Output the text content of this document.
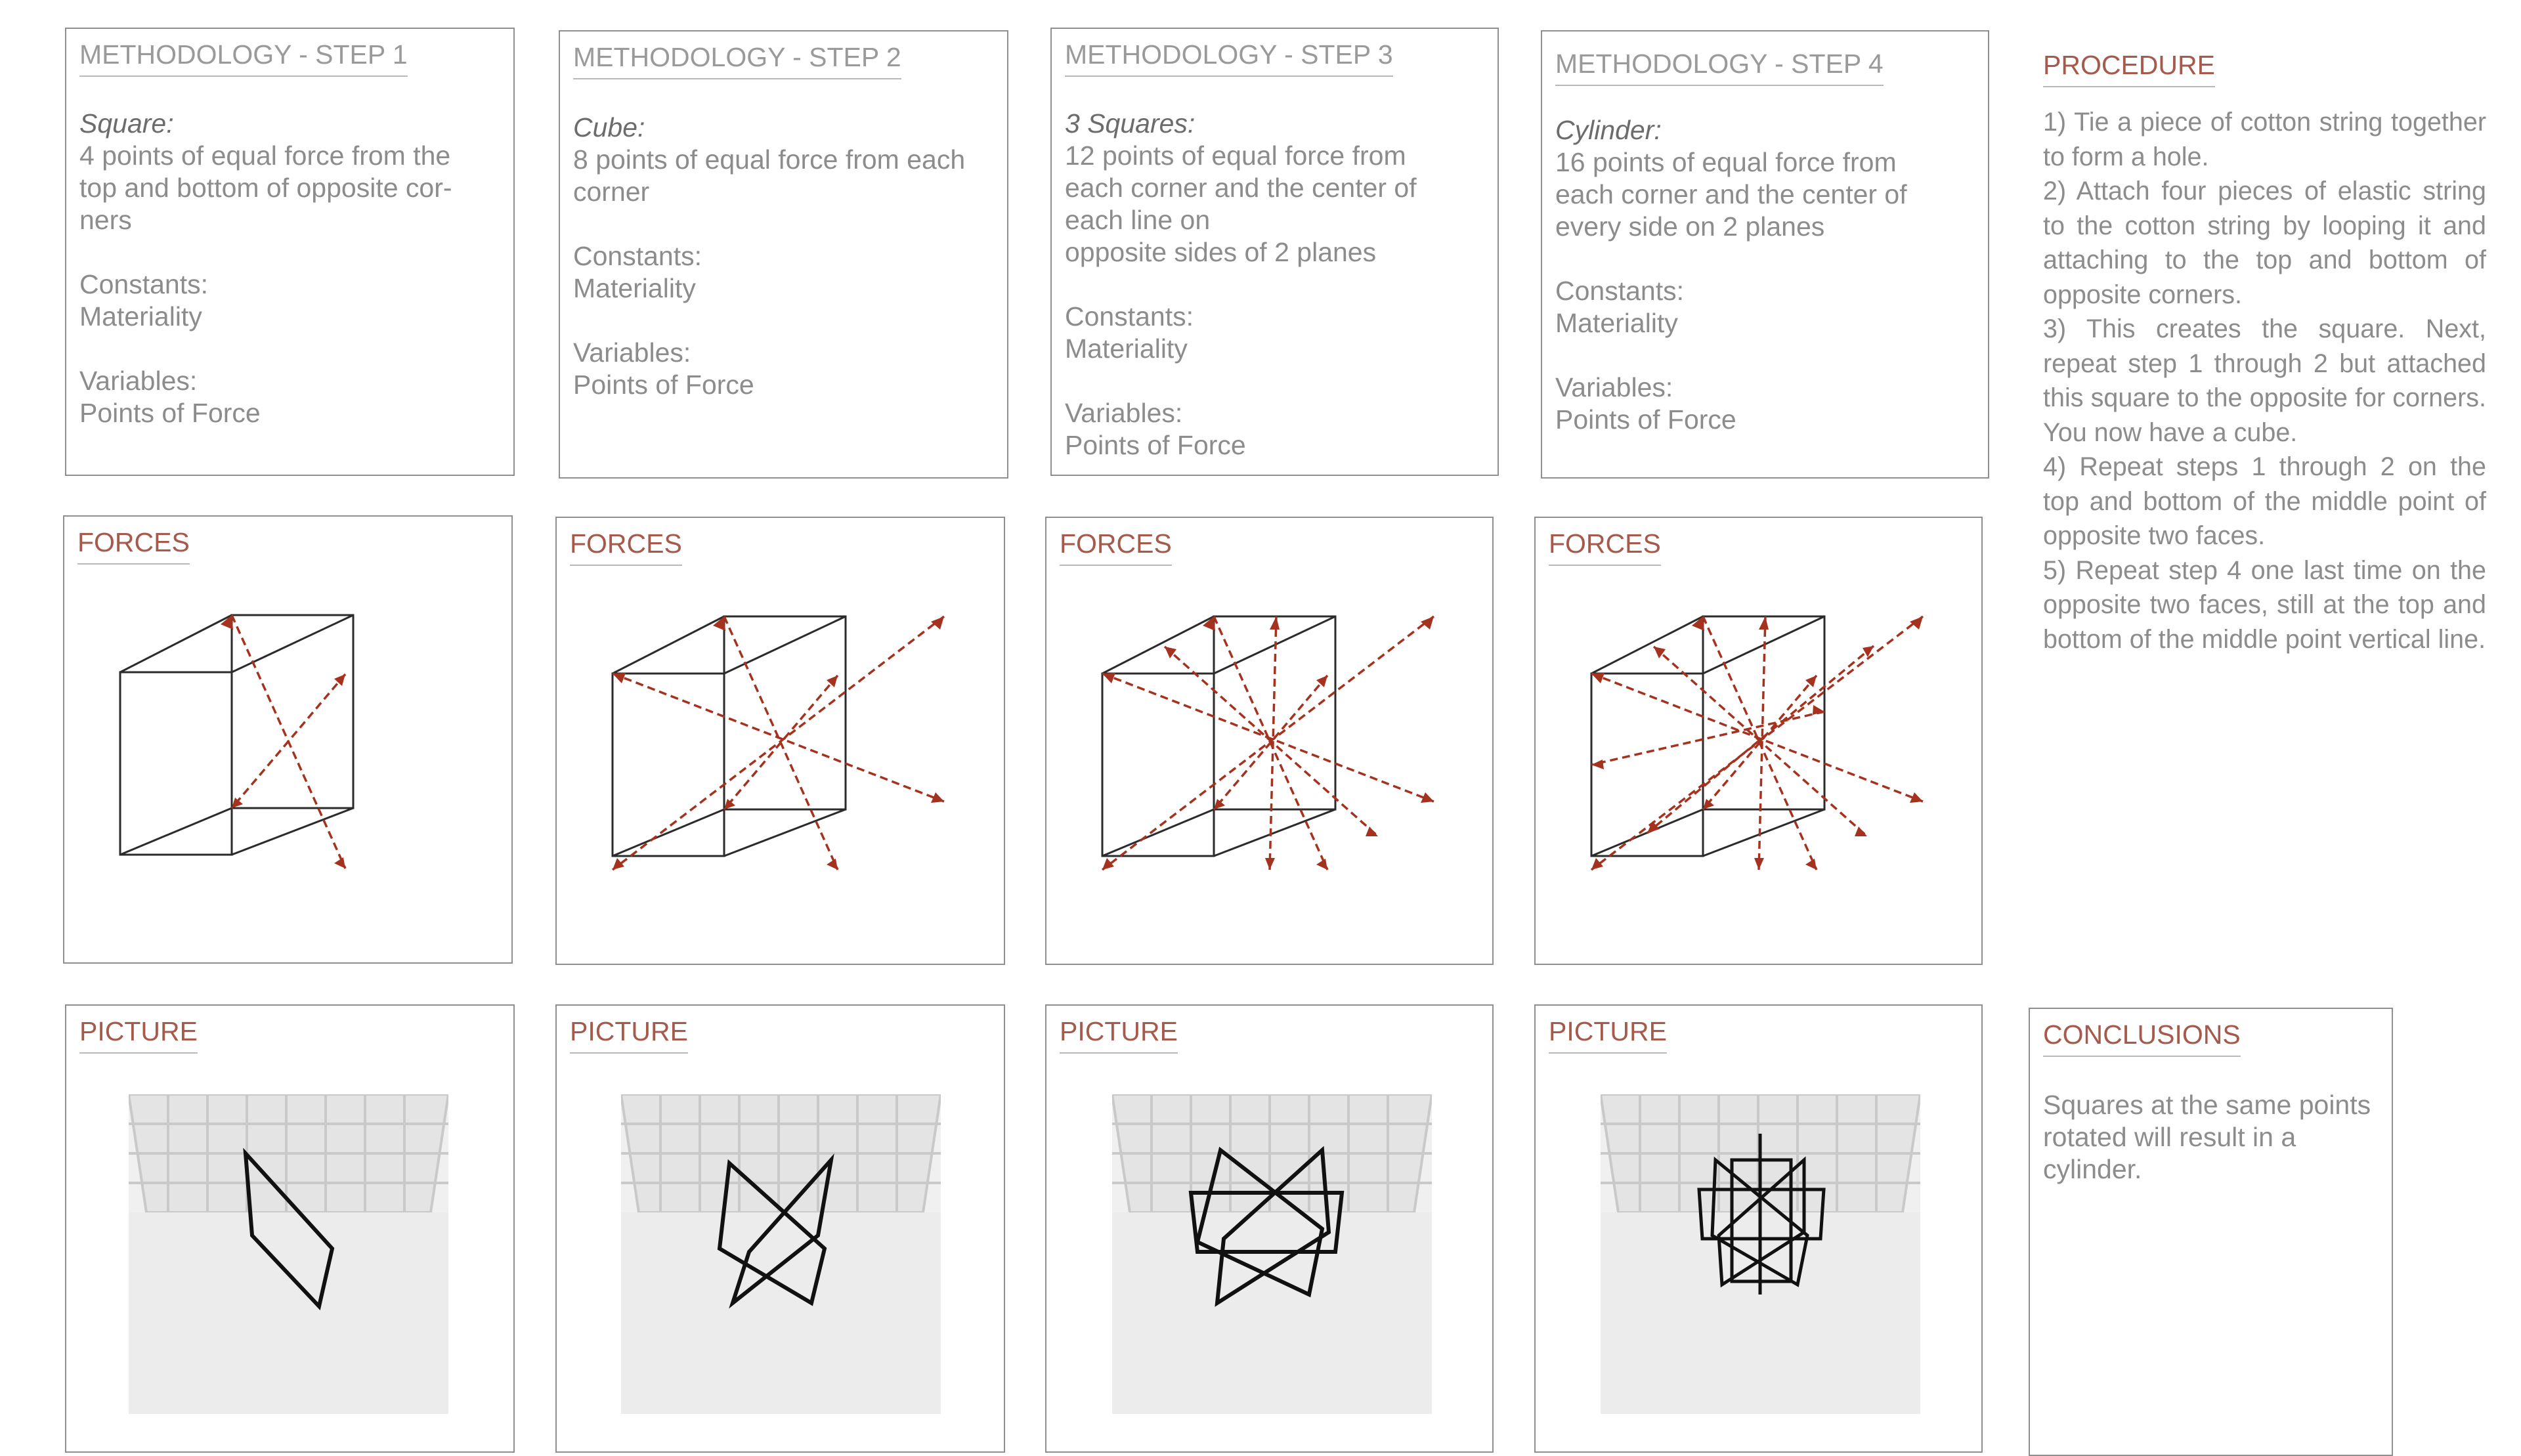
METHODOLOGY - STEP 1

Square:
4 points of equal force from the
top and bottom of opposite cor-
ners

Constants:
Materiality

Variables:
Points of Force

METHODOLOGY - STEP 2

Cube:
8 points of equal force from each
corner

Constants:
Materiality

Variables:
Points of Force

METHODOLOGY - STEP 3

3 Squares:
12 points of equal force from
each corner and the center of
each line on
opposite sides of 2 planes

Constants:
Materiality

Variables:
Points of Force

METHODOLOGY - STEP 4

Cylinder:
16 points of equal force from
each corner and the center of
every side on 2 planes

Constants:
Materiality

Variables:
Points of Force

PROCEDURE
1) Tie a piece of cotton string together to form a hole.
2) Attach four pieces of elastic string to the cotton string by looping it and attaching to the top and bottom of opposite corners.
3) This creates the square. Next, repeat step 1 through 2 but attached this square to the opposite for corners. You now have a cube.
4) Repeat steps 1 through 2 on the top and bottom of the middle point of opposite two faces.
5) Repeat step 4 one last time on the opposite two faces, still at the top and bottom of the middle point vertical line.
FORCES	FORCES	FORCES	FORCES
PICTURE	PICTURE	PICTURE	PICTURE	CONCLUSIONS
Squares at the same points
rotated will result in a
cylinder.
